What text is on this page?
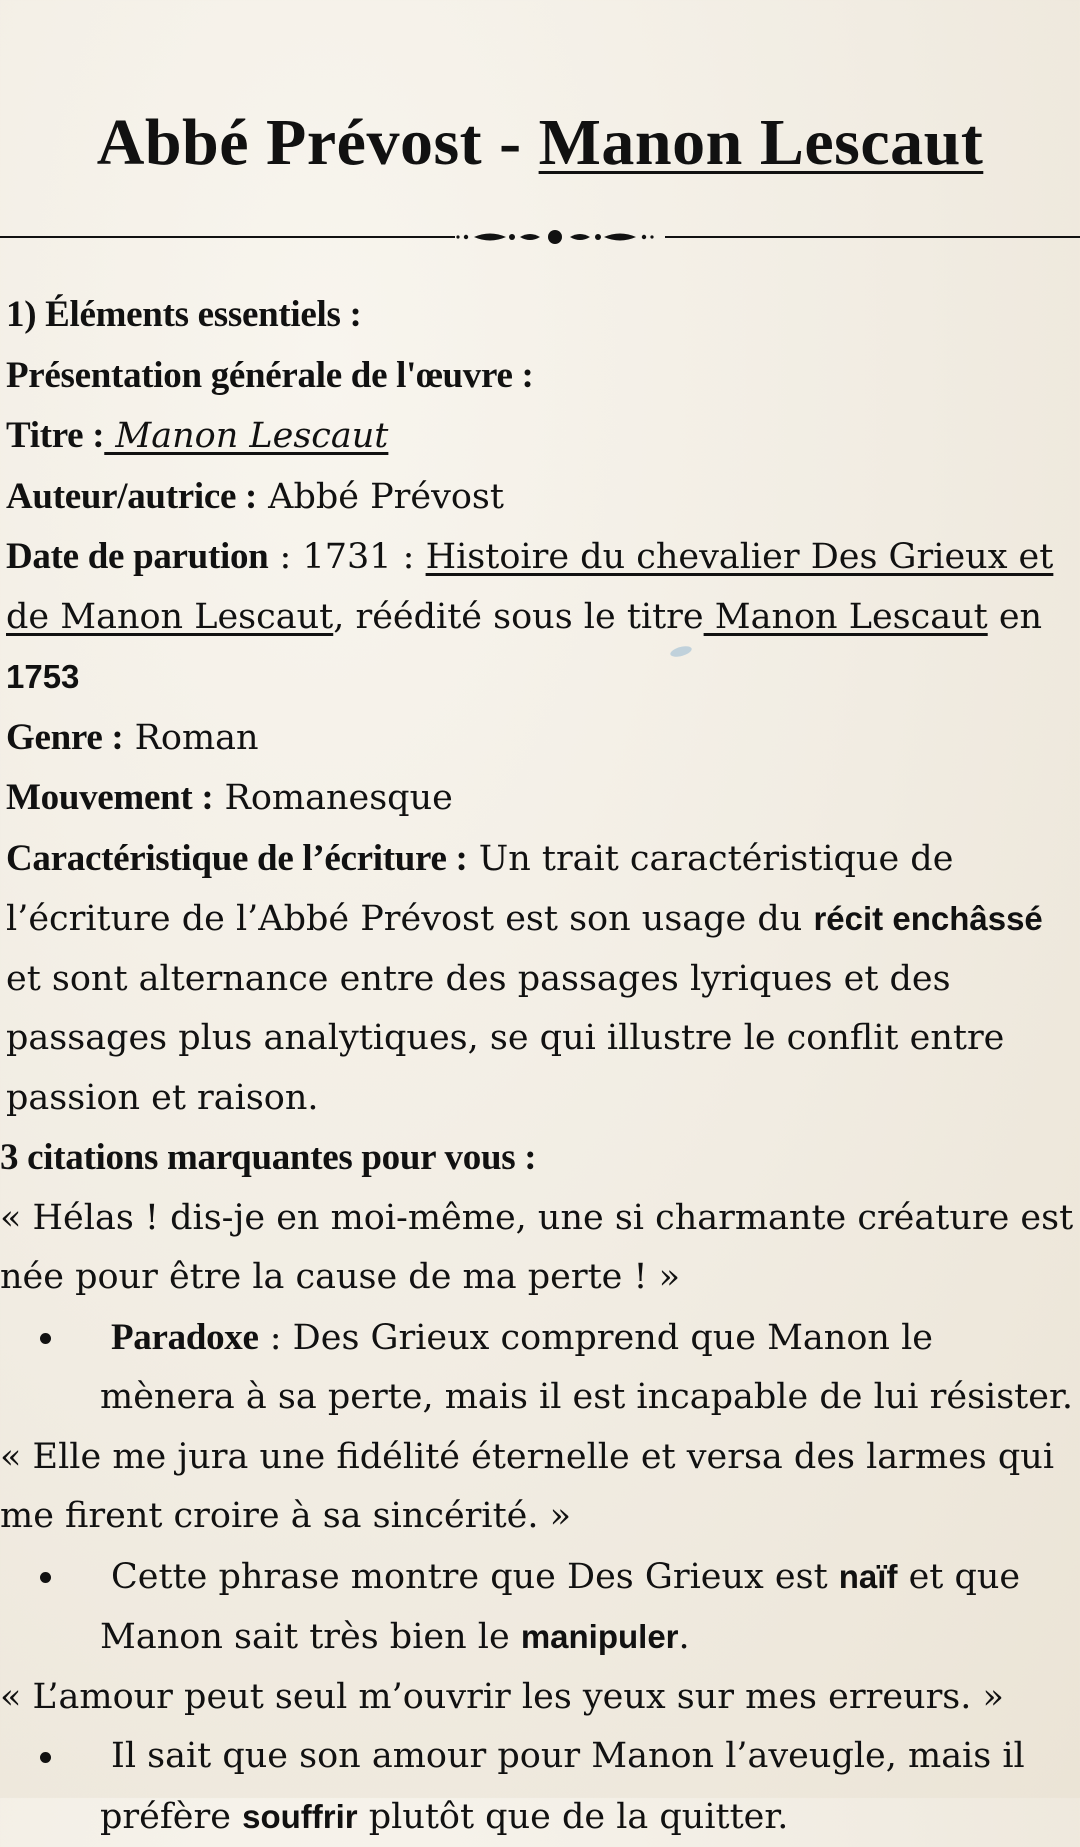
Abbé Prévost - Manon Lescaut

1) Éléments essentiels :

Présentation générale de l'œuvre :

Titre : Manon Lescaut

Auteur/autrice : Abbé Prévost

Date de parution : 1731 : Histoire du chevalier Des Grieux et de Manon Lescaut, réédité sous le titre Manon Lescaut en 1753

Genre : Roman

Mouvement : Romanesque

Caractéristique de l’écriture : Un trait caractéristique de l’écriture de l’Abbé Prévost est son usage du récit enchâssé et sont alternance entre des passages lyriques et des passages plus analytiques, se qui illustre le conflit entre passion et raison.

3 citations marquantes pour vous :

« Hélas ! dis-je en moi-même, une si charmante créature est née pour être la cause de ma perte ! »

Paradoxe : Des Grieux comprend que Manon le mènera à sa perte, mais il est incapable de lui résister.

« Elle me jura une fidélité éternelle et versa des larmes qui me firent croire à sa sincérité. »

Cette phrase montre que Des Grieux est naïf et que Manon sait très bien le manipuler.

« L’amour peut seul m’ouvrir les yeux sur mes erreurs. »

Il sait que son amour pour Manon l’aveugle, mais il préfère souffrir plutôt que de la quitter.
